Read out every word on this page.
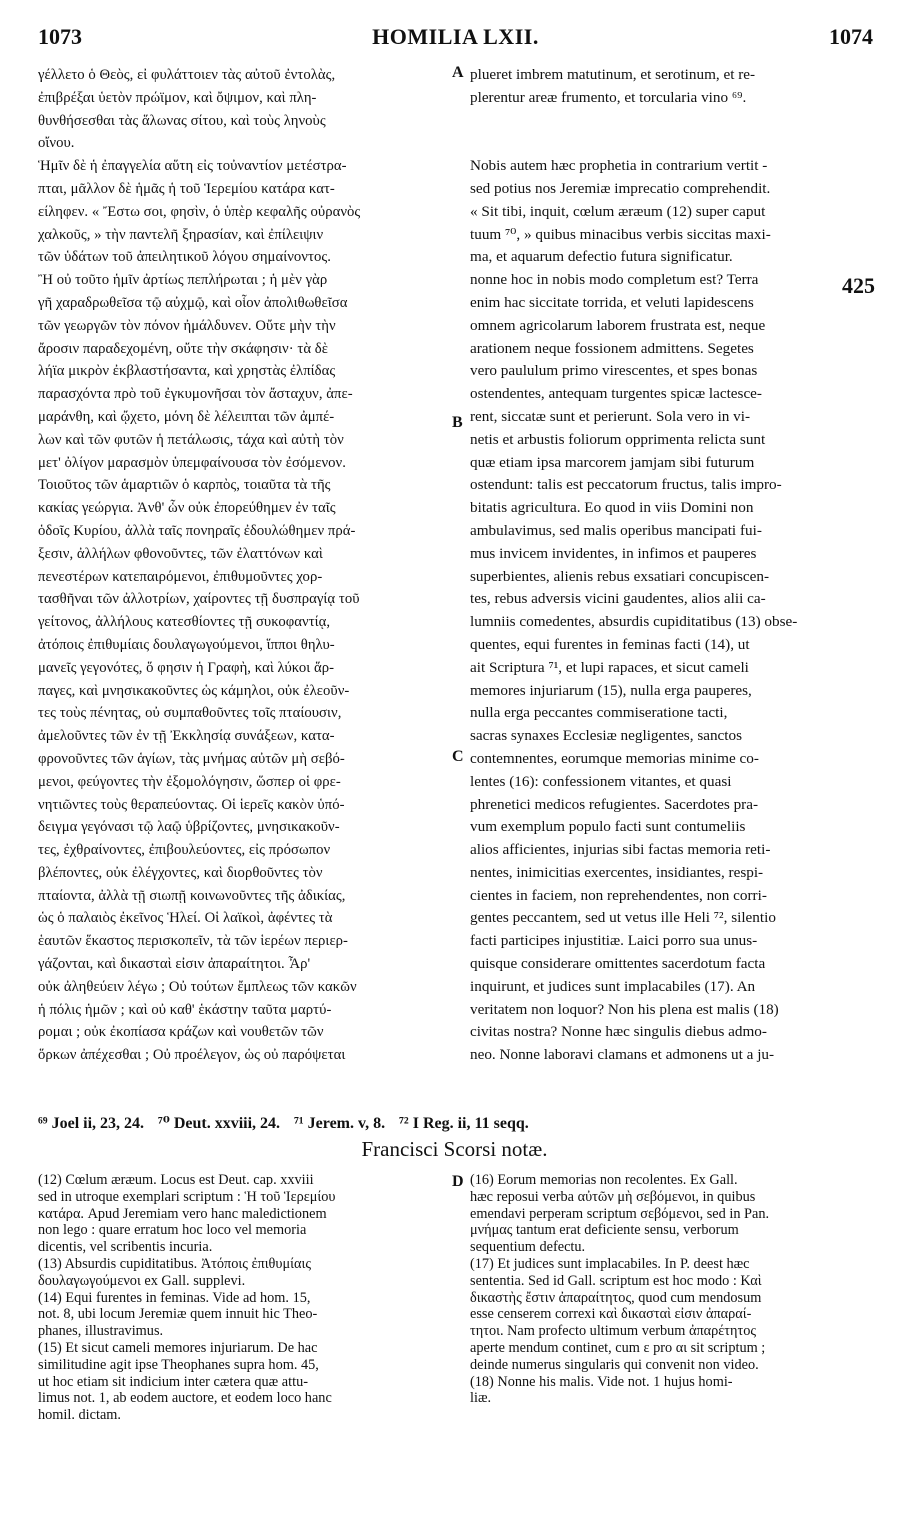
1073	HOMILIA LXII.	1074
γέλλετο ὁ Θεὸς, εἰ φυλάττοιεν τὰς αὐτοῦ ἐντολὰς,
ἐπιβρέξαι ὑετὸν πρώϊμον, καὶ ὄψιμον, καὶ πλη-
θυνθήσεσθαι τὰς ἅλωνας σίτου, καὶ τοὺς ληνοὺς
οἴνου.
Ἡμῖν δὲ ἡ ἐπαγγελία αὕτη εἰς τοὐναντίον μετέστρα-
πται, μᾶλλον δὲ ἡμᾶς ἡ τοῦ Ἱερεμίου κατάρα κατ-
είληφεν. « Ἔστω σοι, φησὶν, ὁ ὑπὲρ κεφαλῆς οὐρανὸς
χαλκοῦς, » τὴν παντελῆ ξηρασίαν, καὶ ἐπίλειψιν
τῶν ὑδάτων τοῦ ἀπειλητικοῦ λόγου σημαίνοντος.
Ἢ οὐ τοῦτο ἡμῖν ἀρτίως πεπλήρωται ; ἡ μὲν γὰρ
γῆ χαραδρωθεῖσα τῷ αὐχμῷ, καὶ οἷον ἀπολιθωθεῖσα
τῶν γεωργῶν τὸν πόνον ἠμάλδυνεν. Οὔτε μὴν τὴν
ἄροσιν παραδεχομένη, οὔτε τὴν σκάφησιν· τὰ δὲ
λήϊα μικρὸν ἐκβλαστήσαντα, καὶ χρηστὰς ἐλπίδας
παρασχόντα πρὸ τοῦ ἐγκυμονῆσαι τὸν ἄσταχυν, ἀπε-
μαράνθη, καὶ ᾤχετο, μόνη δὲ λέλειπται τῶν ἀμπέ-
λων καὶ τῶν φυτῶν ἡ πετάλωσις, τάχα καὶ αὐτὴ τὸν
μετ' ὀλίγον μαρασμὸν ὑπεμφαίνουσα τὸν ἐσόμενον.
Τοιοῦτος τῶν ἁμαρτιῶν ὁ καρπὸς, τοιαῦτα τὰ τῆς
κακίας γεώργια. Ἀνθ' ὧν οὐκ ἐπορεύθημεν ἐν ταῖς
ὁδοῖς Κυρίου, ἀλλὰ ταῖς πονηραῖς ἐδουλώθημεν πρά-
ξεσιν, ἀλλήλων φθονοῦντες, τῶν ἐλαττόνων καὶ
πενεστέρων κατεπαιρόμενοι, ἐπιθυμοῦντες χορ-
τασθῆναι τῶν ἀλλοτρίων, χαίροντες τῇ δυσπραγίᾳ τοῦ
γείτονος, ἀλλήλους κατεσθίοντες τῇ συκοφαντίᾳ,
ἀτόποις ἐπιθυμίαις δουλαγωγούμενοι, ἵπποι θηλυ-
μανεῖς γεγονότες, ὅ φησιν ἡ Γραφὴ, καὶ λύκοι ἅρ-
παγες, καὶ μνησικακοῦντες ὡς κάμηλοι, οὐκ ἐλεοῦν-
τες τοὺς πένητας, οὐ συμπαθοῦντες τοῖς πταίουσιν,
ἀμελοῦντες τῶν ἐν τῇ Ἐκκλησίᾳ συνάξεων, κατα-
φρονοῦντες τῶν ἁγίων, τὰς μνήμας αὐτῶν μὴ σεβό-
μενοι, φεύγοντες τὴν ἐξομολόγησιν, ὥσπερ οἱ φρε-
νητιῶντες τοὺς θεραπεύοντας. Οἱ ἱερεῖς κακὸν ὑπό-
δειγμα γεγόνασι τῷ λαῷ ὑβρίζοντες, μνησικακοῦν-
τες, ἐχθραίνοντες, ἐπιβουλεύοντες, εἰς πρόσωπον
βλέποντες, οὐκ ἐλέγχοντες, καὶ διορθοῦντες τὸν
πταίοντα, ἀλλὰ τῇ σιωπῇ κοινωνοῦντες τῆς ἀδικίας,
ὡς ὁ παλαιὸς ἐκεῖνος Ἡλεί. Οἱ λαϊκοὶ, ἀφέντες τὰ
ἑαυτῶν ἕκαστος περισκοπεῖν, τὰ τῶν ἱερέων περιερ-
γάζονται, καὶ δικασταὶ εἰσιν ἀπαραίτητοι. Ἆρ'
οὐκ ἀληθεύειν λέγω ; Οὐ τούτων ἔμπλεως τῶν κακῶν
ἡ πόλις ἡμῶν ; καὶ οὐ καθ' ἑκάστην ταῦτα μαρτύ-
ρομαι ; οὐκ ἐκοπίασα κράζων καὶ νουθετῶν τῶν
ὅρκων ἀπέχεσθαι ; Οὐ προέλεγον, ὡς οὐ παρόψεται
plueret imbrem matutinum, et serotinum, et re-
plerentur areæ frumento, et torcularia vino ⁶⁹.

Nobis autem hæc prophetia in contrarium vertit -
sed potius nos Jeremiæ imprecatio comprehendit.
« Sit tibi, inquit, cœlum æræum (12) super caput
tuum ⁷⁰, » quibus minacibus verbis siccitas maxi-
ma, et aquarum defectio futura significatur.
nonne hoc in nobis modo completum est? Terra
enim hac siccitate torrida, et veluti lapidescens
omnem agricolarum laborem frustrata est, neque
arationem neque fossionem admittens. Segetes
vero paululum primo virescentes, et spes bonas
ostendentes, antequam turgentes spicæ lactesce-
rent, siccatæ sunt et perierunt. Sola vero in vi-
netis et arbustis foliorum opprimenta relicta sunt
quæ etiam ipsa marcorem jamjam sibi futurum
ostendunt: talis est peccatorum fructus, talis impro-
bitatis agricultura. Eo quod in viis Domini non
ambulavimus, sed malis operibus mancipati fui-
mus invicem invidentes, in infimos et pauperes
superbientes, alienis rebus exsatiari concupiscen-
tes, rebus adversis vicini gaudentes, alios alii ca-
lumniis comedentes, absurdis cupiditatibus (13) obse-
quentes, equi furentes in feminas facti (14), ut
ait Scriptura ⁷¹, et lupi rapaces, et sicut cameli
memores injuriarum (15), nulla erga pauperes,
nulla erga peccantes commiseratione tacti,
sacras synaxes Ecclesiæ negligentes, sanctos
contemnentes, eorumque memorias minime co-
lentes (16): confessionem vitantes, et quasi
phrenetici medicos refugientes. Sacerdotes pra-
vum exemplum populo facti sunt contumeliis
alios afficientes, injurias sibi factas memoria reti-
nentes, inimicitias exercentes, insidiantes, respi-
cientes in faciem, non reprehendentes, non corri-
gentes peccantem, sed ut vetus ille Heli ⁷², silentio
facti participes injustitiæ. Laici porro sua unus-
quisque considerare omittentes sacerdotum facta
inquirunt, et judices sunt implacabiles (17). An
veritatem non loquor? Non his plena est malis (18)
civitas nostra? Nonne hæc singulis diebus admo-
neo. Nonne laboravi clamans et admonens ut a ju-
A
B
C
D
425
⁶⁹ Joel ii, 23, 24. ⁷⁰ Deut. xxviii, 24. ⁷¹ Jerem. v, 8. ⁷² I Reg. ii, 11 seqq.
Francisci Scorsi notæ.
(12) Cœlum æræum. Locus est Deut. cap. xxviii
sed in utroque exemplari scriptum : Ἡ τοῦ Ἱερεμίου
κατάρα. Apud Jeremiam vero hanc maledictionem
non lego : quare erratum hoc loco vel memoria
dicentis, vel scribentis incuria.
(13) Absurdis cupiditatibus. Ἀτόποις ἐπιθυμίαις
δουλαγωγούμενοι ex Gall. supplevi.
(14) Equi furentes in feminas. Vide ad hom. 15,
not. 8, ubi locum Jeremiæ quem innuit hic Theo-
phanes, illustravimus.
(15) Et sicut cameli memores injuriarum. De hac
similitudine agit ipse Theophanes supra hom. 45,
ut hoc etiam sit indicium inter cætera quæ attu-
limus not. 1, ab eodem auctore, et eodem loco hanc
homil. dictam.
(16) Eorum memorias non recolentes. Ex Gall.
hæc reposui verba αὐτῶν μὴ σεβόμενοι, in quibus
emendavi perperam scriptum σεβόμενοι, sed in Pan.
μνήμας tantum erat deficiente sensu, verborum
sequentium defectu.
(17) Et judices sunt implacabiles. In P. deest hæc
sententia. Sed id Gall. scriptum est hoc modo : Καὶ
δικαστὴς ἔστιν ἀπαραίτητος, quod cum mendosum
esse censerem correxi καὶ δικασταὶ εἰσιν ἀπαραί-
τητοι. Nam profecto ultimum verbum ἀπαρέτητος
aperte mendum continet, cum ε pro αι sit scriptum ;
deinde numerus singularis qui convenit non video.
(18) Nonne his malis. Vide not. 1 hujus homi-
liæ.
